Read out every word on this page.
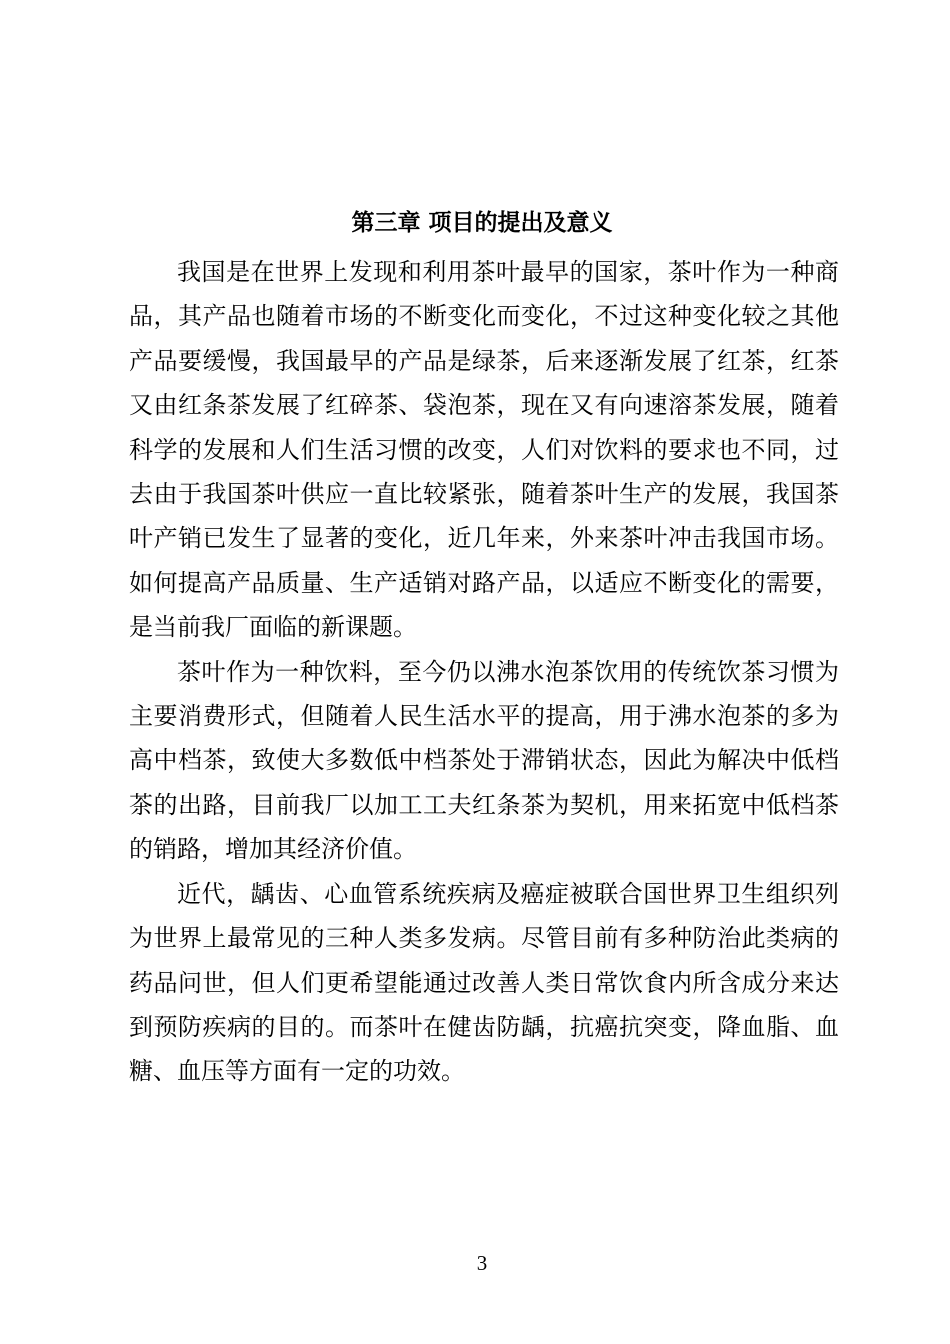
第三章 项目的提出及意义

我国是在世界上发现和利用茶叶最早的国家，茶叶作为一种商品，其产品也随着市场的不断变化而变化，不过这种变化较之其他产品要缓慢，我国最早的产品是绿茶，后来逐渐发展了红茶，红茶又由红条茶发展了红碎茶、袋泡茶，现在又有向速溶茶发展，随着科学的发展和人们生活习惯的改变，人们对饮料的要求也不同，过去由于我国茶叶供应一直比较紧张，随着茶叶生产的发展，我国茶叶产销已发生了显著的变化，近几年来，外来茶叶冲击我国市场。如何提高产品质量、生产适销对路产品，以适应不断变化的需要，是当前我厂面临的新课题。

茶叶作为一种饮料，至今仍以沸水泡茶饮用的传统饮茶习惯为主要消费形式，但随着人民生活水平的提高，用于沸水泡茶的多为高中档茶，致使大多数低中档茶处于滞销状态，因此为解决中低档茶的出路，目前我厂以加工工夫红条茶为契机，用来拓宽中低档茶的销路，增加其经济价值。

近代，龋齿、心血管系统疾病及癌症被联合国世界卫生组织列为世界上最常见的三种人类多发病。尽管目前有多种防治此类病的药品问世，但人们更希望能通过改善人类日常饮食内所含成分来达到预防疾病的目的。而茶叶在健齿防龋，抗癌抗突变，降血脂、血糖、血压等方面有一定的功效。

3
